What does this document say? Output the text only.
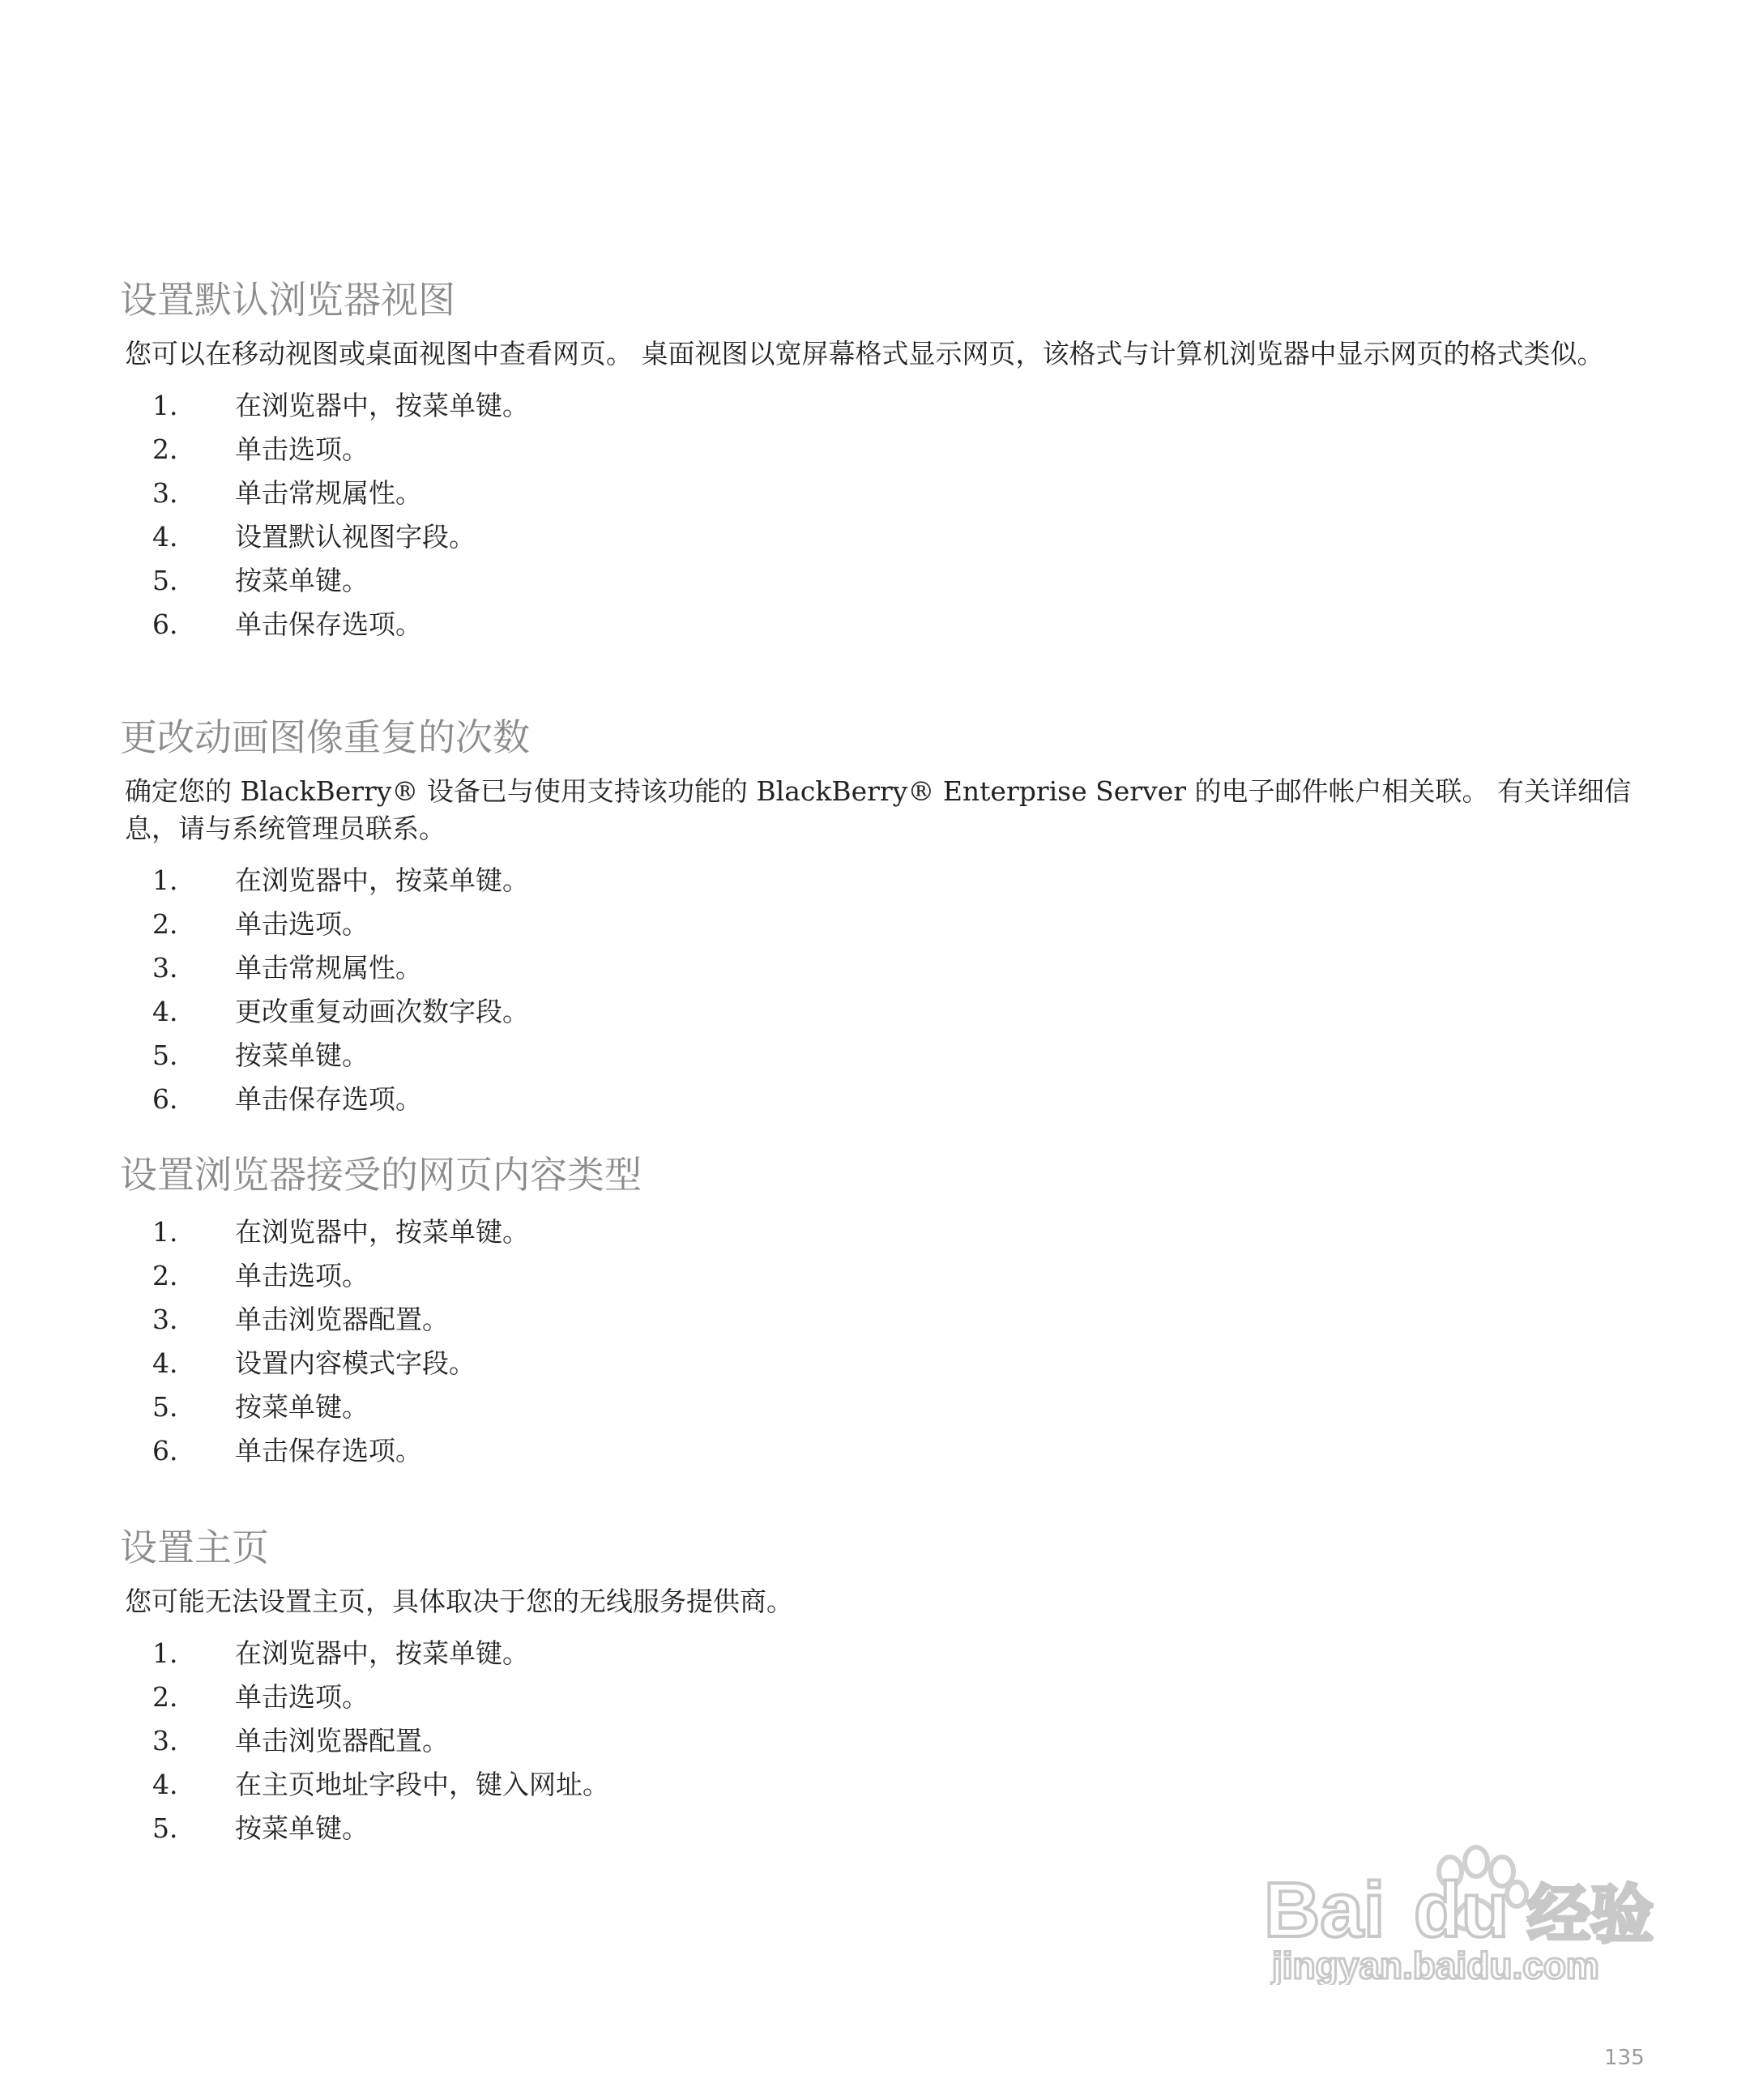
设置默认浏览器视图

您可以在移动视图或桌面视图中查看网页。 桌面视图以宽屏幕格式显示网页，该格式与计算机浏览器中显示网页的格式类似。

1.	在浏览器中，按菜单键。
2.	单击选项。
3.	单击常规属性。
4.	设置默认视图字段。
5.	按菜单键。
6.	单击保存选项。
更改动画图像重复的次数

确定您的 BlackBerry® 设备已与使用支持该功能的 BlackBerry® Enterprise Server 的电子邮件帐户相关联。 有关详细信息，请与系统管理员联系。

1.	在浏览器中，按菜单键。
2.	单击选项。
3.	单击常规属性。
4.	更改重复动画次数字段。
5.	按菜单键。
6.	单击保存选项。
设置浏览器接受的网页内容类型
1.	在浏览器中，按菜单键。
2.	单击选项。
3.	单击浏览器配置。
4.	设置内容模式字段。
5.	按菜单键。
6.	单击保存选项。
设置主页

您可能无法设置主页，具体取决于您的无线服务提供商。

1.	在浏览器中，按菜单键。
2.	单击选项。
3.	单击浏览器配置。
4.	在主页地址字段中，键入网址。
5.	按菜单键。
Bai du 经验
jingyan.baidu.com
135
